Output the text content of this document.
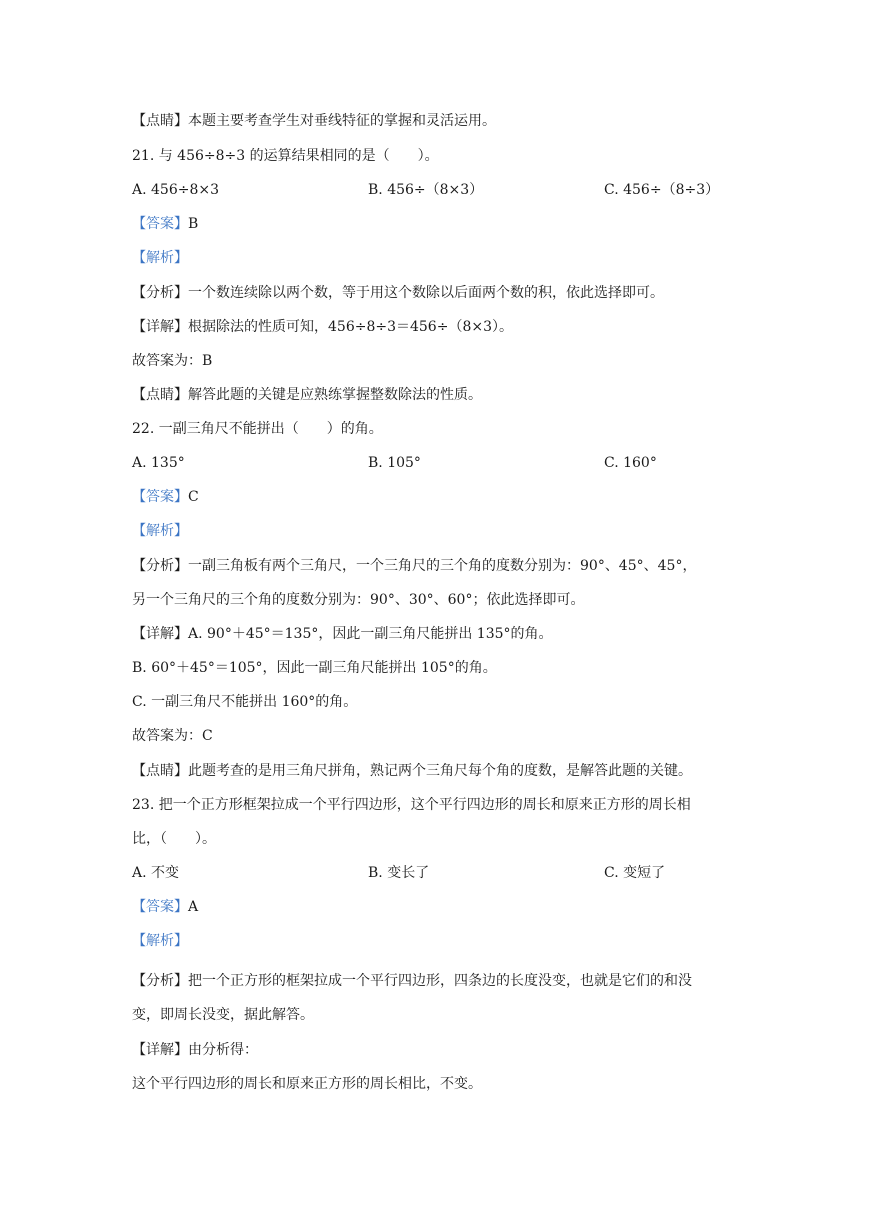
【点睛】本题主要考查学生对垂线特征的掌握和灵活运用。
21. 与 456÷8÷3 的运算结果相同的是（　　）。
A. 456÷8×3	B. 456÷（8×3）	C. 456÷（8÷3）
【答案】B
【解析】
【分析】一个数连续除以两个数，等于用这个数除以后面两个数的积，依此选择即可。
【详解】根据除法的性质可知，456÷8÷3＝456÷（8×3）。
故答案为：B
【点睛】解答此题的关键是应熟练掌握整数除法的性质。
22. 一副三角尺不能拼出（　　）的角。
A. 135°	B. 105°	C. 160°
【答案】C
【解析】
【分析】一副三角板有两个三角尺，一个三角尺的三个角的度数分别为：90°、45°、45°，
另一个三角尺的三个角的度数分别为：90°、30°、60°；依此选择即可。
【详解】A. 90°＋45°＝135°，因此一副三角尺能拼出 135°的角。
B. 60°＋45°＝105°，因此一副三角尺能拼出 105°的角。
C. 一副三角尺不能拼出 160°的角。
故答案为：C
【点睛】此题考查的是用三角尺拼角，熟记两个三角尺每个角的度数，是解答此题的关键。
23. 把一个正方形框架拉成一个平行四边形，这个平行四边形的周长和原来正方形的周长相
比，（　　）。
A. 不变	B. 变长了	C. 变短了
【答案】A
【解析】
【分析】把一个正方形的框架拉成一个平行四边形，四条边的长度没变，也就是它们的和没
变，即周长没变，据此解答。
【详解】由分析得：
这个平行四边形的周长和原来正方形的周长相比，不变。
